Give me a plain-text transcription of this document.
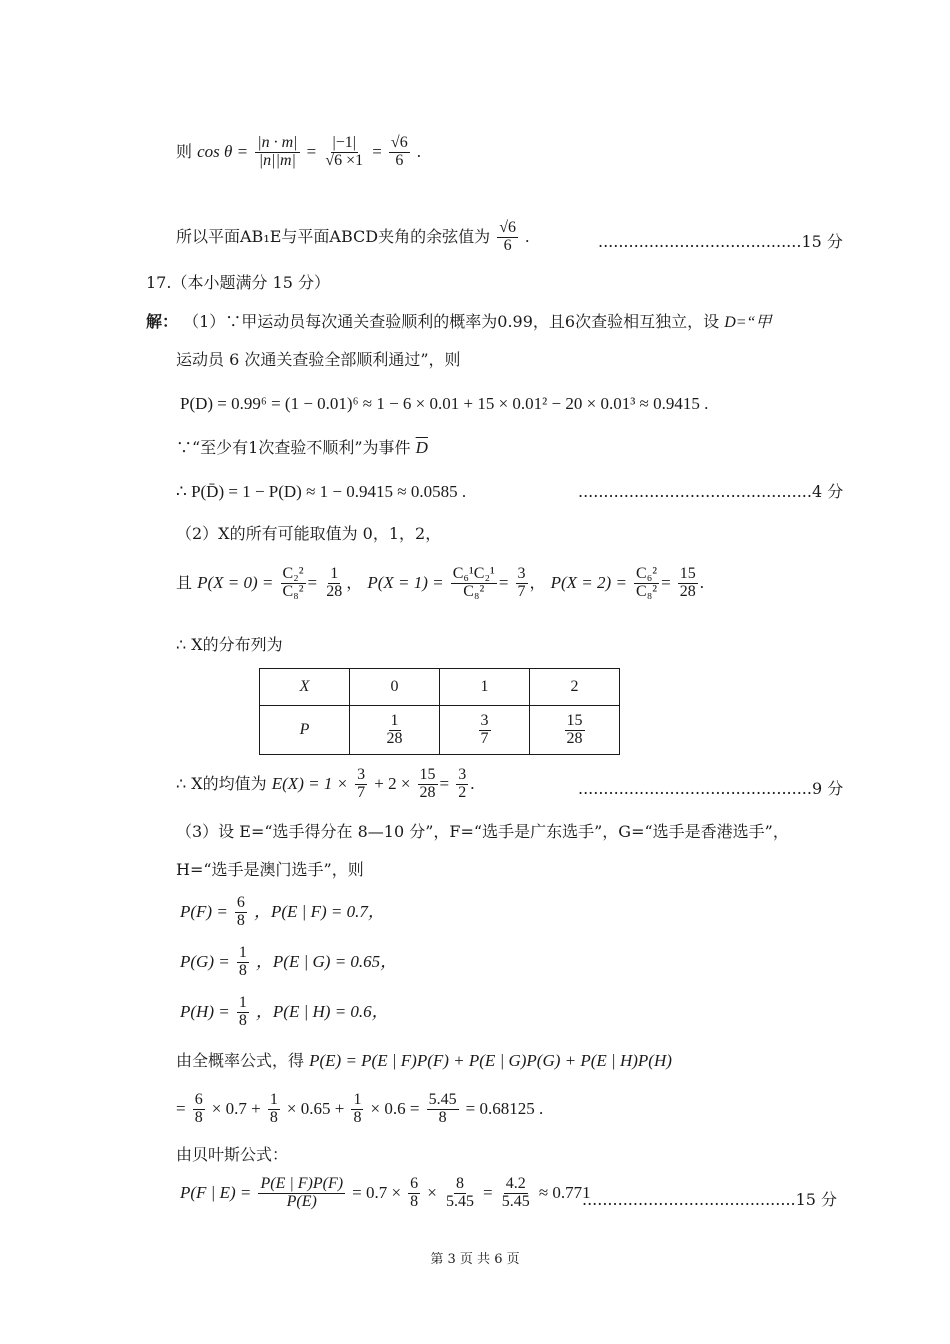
则 $\cos \theta = \frac{|n \cdot m|}{|n||m|} = \frac{|-1|}{√6 \times 1} = \frac{√6}{6}$ .
所以平面AB₁E与平面ABCD夹角的余弦值为 $\frac{√6}{6}$ .	........................................15 分
17.（本小题满分 15 分）
解： （1）∵甲运动员每次通关查验顺利的概率为0.99，且6次查验相互独立，设 D=“甲
运动员 6 次通关查验全部顺利通过”，则
P(D) = 0.99⁶ = (1 − 0.01)⁶ ≈ 1 − 6 × 0.01 + 15 × 0.01² − 20 × 0.01³ ≈ 0.9415 .
∵“至少有1次查验不顺利”为事件 $\overline{D}$
∴ P(D̄) = 1 − P(D) ≈ 1 − 0.9415 ≈ 0.0585 .	..............................................4 分
（2）X的所有可能取值为 0，1，2，
且 $P(X = 0) = \frac{\text{C₂²}}{\text{C₈²}} = \frac{1}{28}$ ， $P(X = 1) = \frac{\text{C₆¹C₂¹}}{\text{C₈²}} = \frac{3}{7}$ ， $P(X = 2) = \frac{\text{C₆²}}{\text{C₈²}} = \frac{15}{28}$ .
∴ X的分布列为
X	0	1	2
P	$\frac{1}{28}$	$\frac{3}{7}$	$\frac{15}{28}$
∴ X的均值为 $E(X) = 1 \times \frac{3}{7} + 2 \times \frac{15}{28} = \frac{3}{2}$ .	..............................................9 分
（3）设 E=“选手得分在 8—10 分”，F=“选手是广东选手”，G=“选手是香港选手”，
H=“选手是澳门选手”，则
$P(F) = \frac{6}{8}$ ，P(E | F) = 0.7，
$P(G) = \frac{1}{8}$ ，P(E | G) = 0.65，
$P(H) = \frac{1}{8}$ ，P(E | H) = 0.6，
由全概率公式，得 P(E) = P(E | F)P(F) + P(E | G)P(G) + P(E | H)P(H)
= $\frac{6}{8} \times 0.7 + \frac{1}{8} \times 0.65 + \frac{1}{8} \times 0.6 = \frac{5.45}{8} = 0.68125$ .
由贝叶斯公式：
P(F | $E) = \frac{P(E | F)P(F)}{P(E)} = 0.7 \times \frac{6}{8} \times \frac{8}{5.45} = \frac{4.2}{5.45} \approx 0.771$
..........................................15 分
第 3 页 共 6 页
